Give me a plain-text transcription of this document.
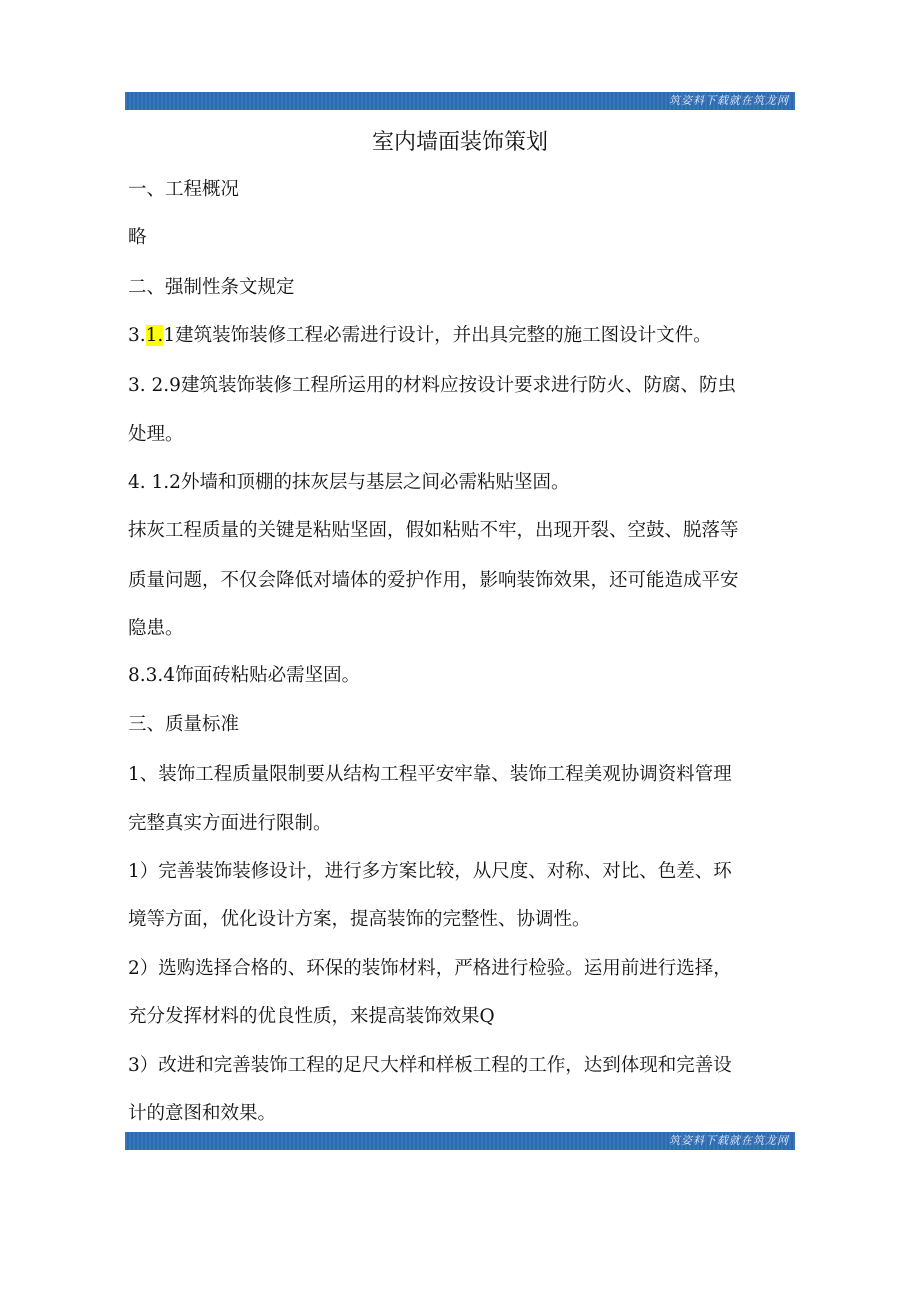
筑姿料下载就在筑龙网
室内墙面装饰策划
一、工程概况
略
二、强制性条文规定
3.1.1建筑装饰装修工程必需进行设计，并出具完整的施工图设计文件。
3. 2.9建筑装饰装修工程所运用的材料应按设计要求进行防火、防腐、防虫
处理。
4. 1.2外墙和顶棚的抹灰层与基层之间必需粘贴坚固。
抹灰工程质量的关键是粘贴坚固，假如粘贴不牢，出现开裂、空鼓、脱落等
质量问题，不仅会降低对墙体的爱护作用，影响装饰效果，还可能造成平安
隐患。
8.3.4饰面砖粘贴必需坚固。
三、质量标准
1、装饰工程质量限制要从结构工程平安牢靠、装饰工程美观协调资料管理
完整真实方面进行限制。
1）完善装饰装修设计，进行多方案比较，从尺度、对称、对比、色差、环
境等方面，优化设计方案，提高装饰的完整性、协调性。
2）选购选择合格的、环保的装饰材料，严格进行检验。运用前进行选择，
充分发挥材料的优良性质，来提高装饰效果Q
3）改进和完善装饰工程的足尺大样和样板工程的工作，达到体现和完善设
计的意图和效果。
筑姿料下载就在筑龙网
